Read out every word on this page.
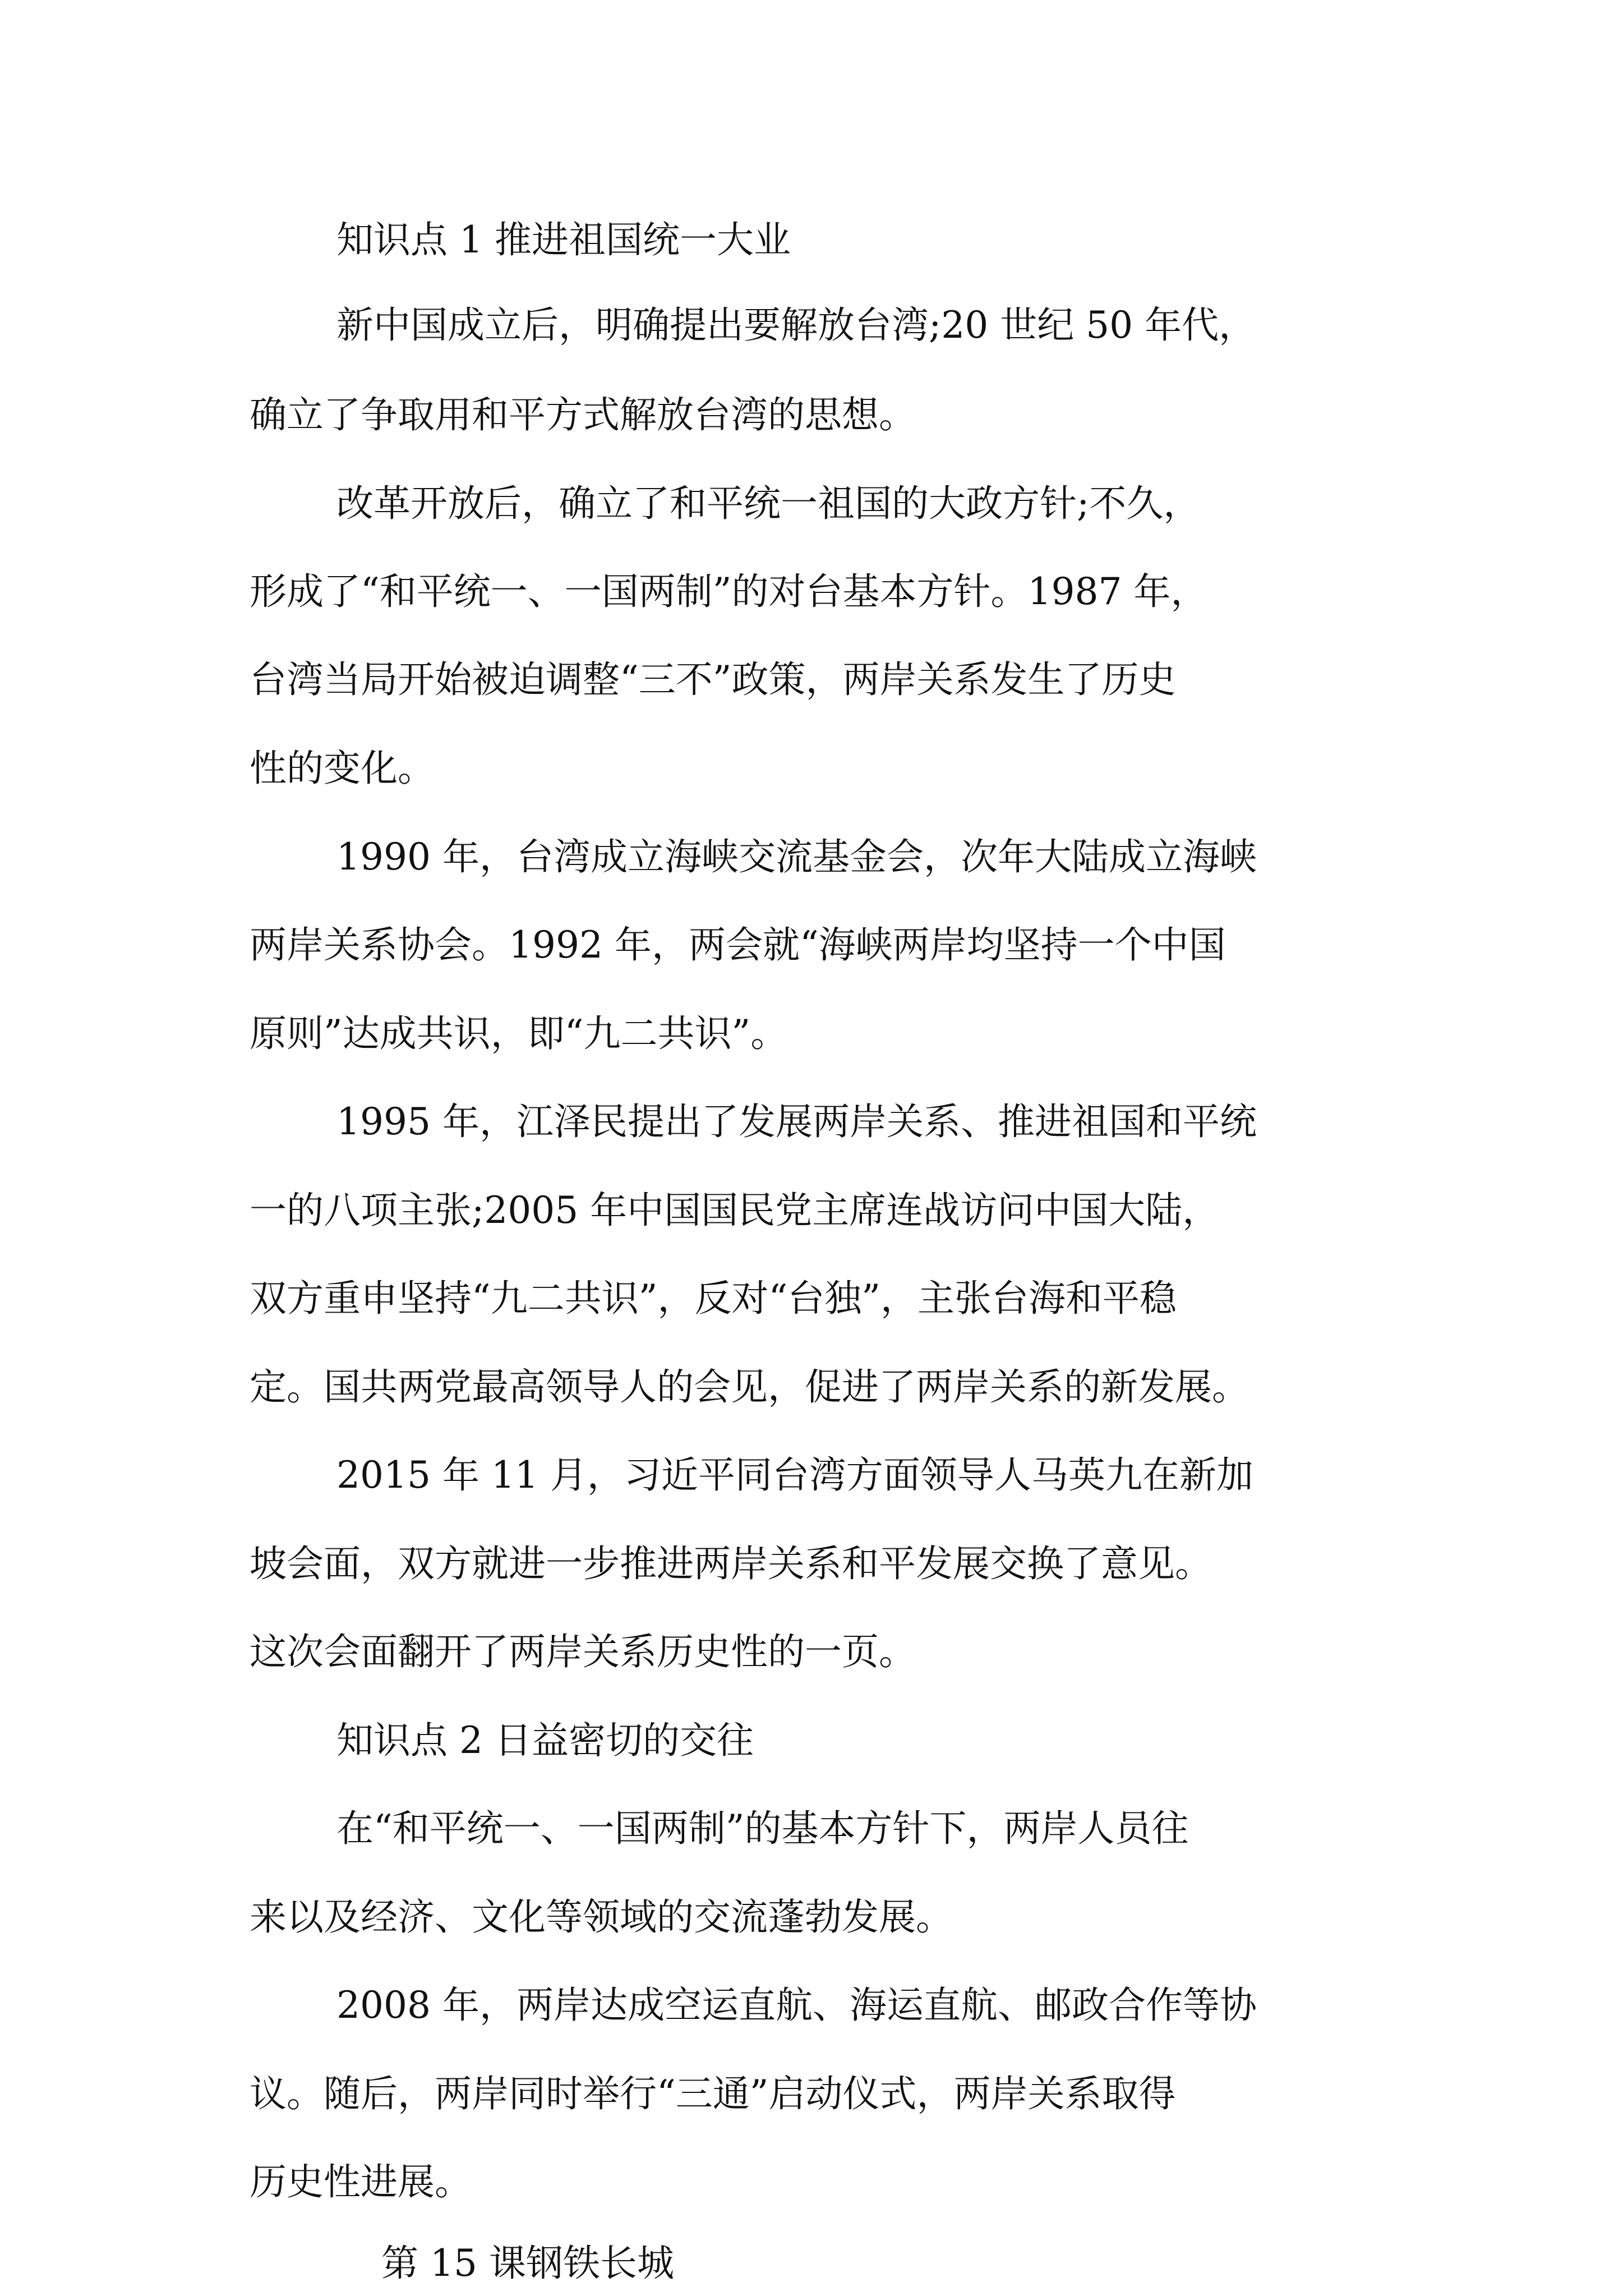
知识点 1 推进祖国统一大业
新中国成立后，明确提出要解放台湾;20 世纪 50 年代，
确立了争取用和平方式解放台湾的思想。
改革开放后，确立了和平统一祖国的大政方针;不久，
形成了“和平统一、一国两制”的对台基本方针。1987 年，
台湾当局开始被迫调整“三不”政策，两岸关系发生了历史
性的变化。
1990 年，台湾成立海峡交流基金会，次年大陆成立海峡
两岸关系协会。1992 年，两会就“海峡两岸均坚持一个中国
原则”达成共识，即“九二共识”。
1995 年，江泽民提出了发展两岸关系、推进祖国和平统
一的八项主张;2005 年中国国民党主席连战访问中国大陆，
双方重申坚持“九二共识”，反对“台独”，主张台海和平稳
定。国共两党最高领导人的会见，促进了两岸关系的新发展。
2015 年 11 月，习近平同台湾方面领导人马英九在新加
坡会面，双方就进一步推进两岸关系和平发展交换了意见。
这次会面翻开了两岸关系历史性的一页。
知识点 2 日益密切的交往
在“和平统一、一国两制”的基本方针下，两岸人员往
来以及经济、文化等领域的交流蓬勃发展。
2008 年，两岸达成空运直航、海运直航、邮政合作等协
议。随后，两岸同时举行“三通”启动仪式，两岸关系取得
历史性进展。
第 15 课钢铁长城
